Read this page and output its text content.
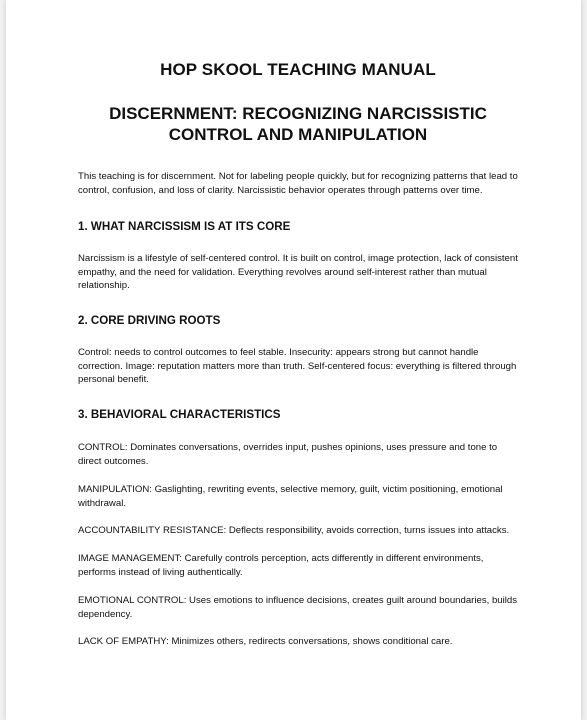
HOP SKOOL TEACHING MANUAL
DISCERNMENT: RECOGNIZING NARCISSISTIC CONTROL AND MANIPULATION

This teaching is for discernment. Not for labeling people quickly, but for recognizing patterns that lead to control, confusion, and loss of clarity. Narcissistic behavior operates through patterns over time.

1. WHAT NARCISSISM IS AT ITS CORE

Narcissism is a lifestyle of self-centered control. It is built on control, image protection, lack of consistent empathy, and the need for validation. Everything revolves around self-interest rather than mutual relationship.

2. CORE DRIVING ROOTS

Control: needs to control outcomes to feel stable. Insecurity: appears strong but cannot handle correction. Image: reputation matters more than truth. Self-centered focus: everything is filtered through personal benefit.

3. BEHAVIORAL CHARACTERISTICS

CONTROL: Dominates conversations, overrides input, pushes opinions, uses pressure and tone to direct outcomes.

MANIPULATION: Gaslighting, rewriting events, selective memory, guilt, victim positioning, emotional withdrawal.

ACCOUNTABILITY RESISTANCE: Deflects responsibility, avoids correction, turns issues into attacks.

IMAGE MANAGEMENT: Carefully controls perception, acts differently in different environments, performs instead of living authentically.

EMOTIONAL CONTROL: Uses emotions to influence decisions, creates guilt around boundaries, builds dependency.

LACK OF EMPATHY: Minimizes others, redirects conversations, shows conditional care.
